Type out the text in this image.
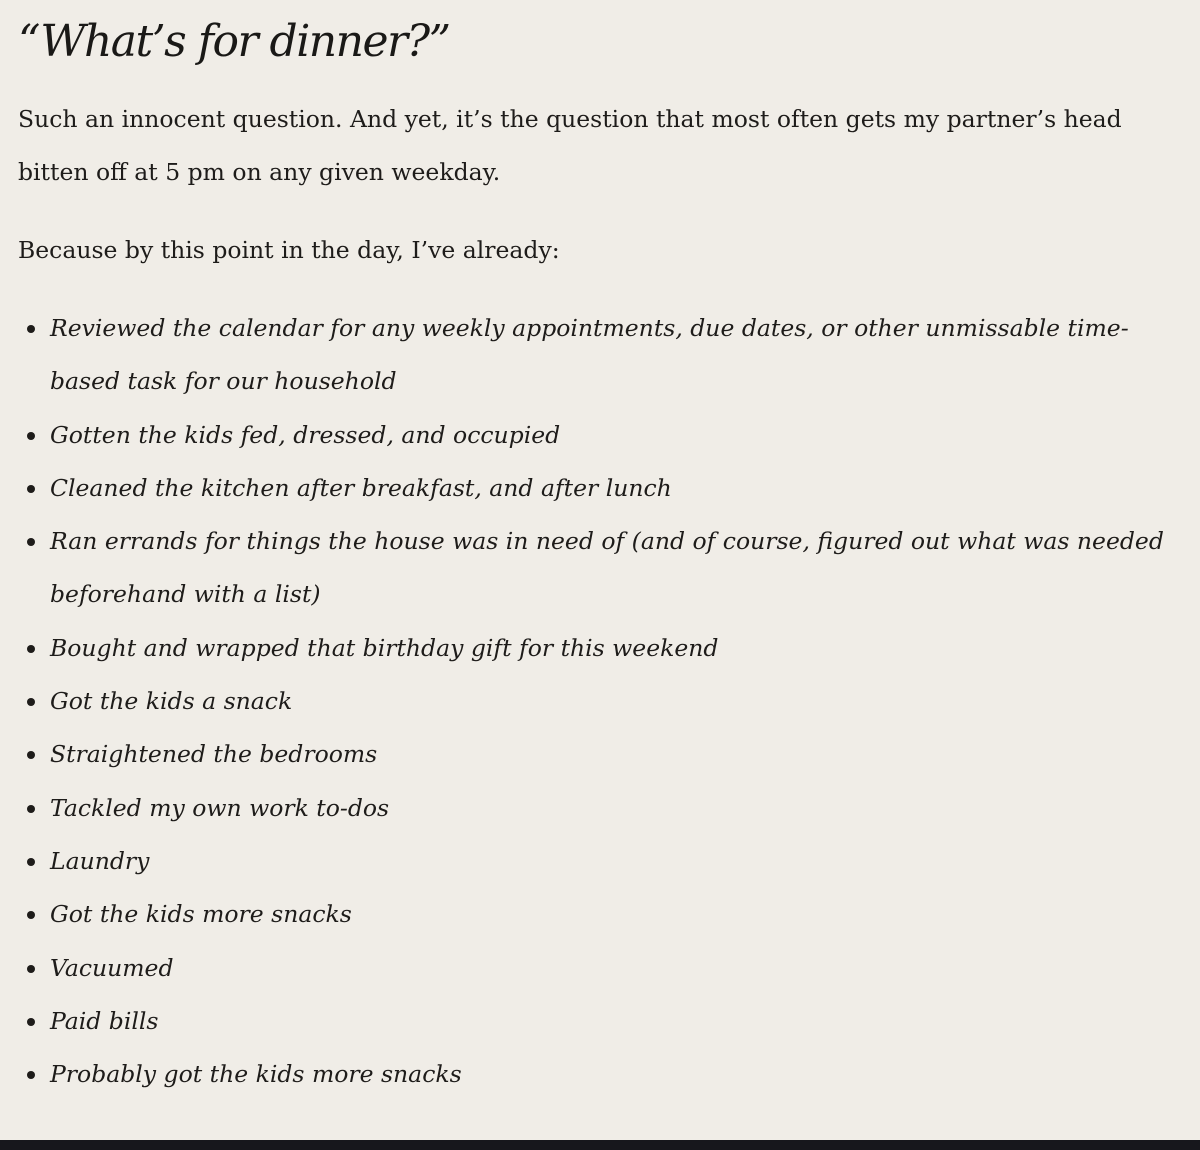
“What’s for dinner?”

Such an innocent question. And yet, it’s the question that most often gets my partner’s head bitten off at 5 pm on any given weekday.

Because by this point in the day, I’ve already:

Reviewed the calendar for any weekly appointments, due dates, or other unmissable time-based task for our household
Gotten the kids fed, dressed, and occupied
Cleaned the kitchen after breakfast, and after lunch
Ran errands for things the house was in need of (and of course, figured out what was needed beforehand with a list)
Bought and wrapped that birthday gift for this weekend
Got the kids a snack
Straightened the bedrooms
Tackled my own work to-dos
Laundry
Got the kids more snacks
Vacuumed
Paid bills
Probably got the kids more snacks
